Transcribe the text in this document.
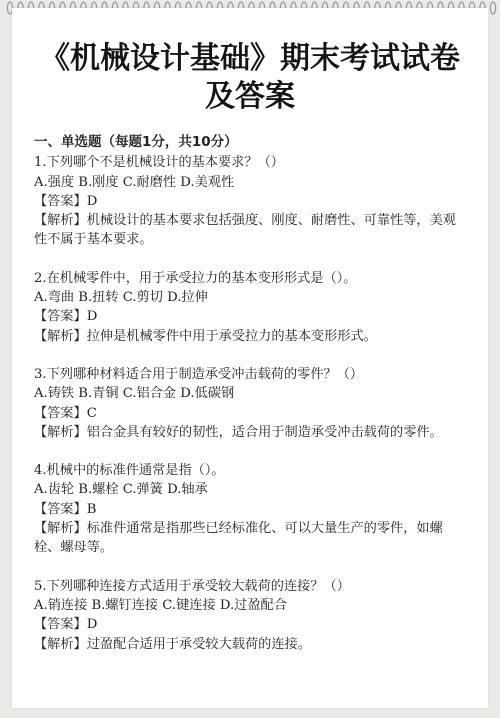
《机械设计基础》期末考试试卷
及答案
一、单选题（每题1分，共10分）
1.下列哪个不是机械设计的基本要求？（）
A.强度 B.刚度 C.耐磨性 D.美观性
【答案】D
【解析】机械设计的基本要求包括强度、刚度、耐磨性、可靠性等，美观性不属于基本要求。
2.在机械零件中，用于承受拉力的基本变形形式是（）。
A.弯曲 B.扭转 C.剪切 D.拉伸
【答案】D
【解析】拉伸是机械零件中用于承受拉力的基本变形形式。
3.下列哪种材料适合用于制造承受冲击载荷的零件？（）
A.铸铁 B.青铜 C.铝合金 D.低碳钢
【答案】C
【解析】铝合金具有较好的韧性，适合用于制造承受冲击载荷的零件。
4.机械中的标准件通常是指（）。
A.齿轮 B.螺栓 C.弹簧 D.轴承
【答案】B
【解析】标准件通常是指那些已经标准化、可以大量生产的零件，如螺栓、螺母等。
5.下列哪种连接方式适用于承受较大载荷的连接？（）
A.销连接 B.螺钉连接 C.键连接 D.过盈配合
【答案】D
【解析】过盈配合适用于承受较大载荷的连接。
